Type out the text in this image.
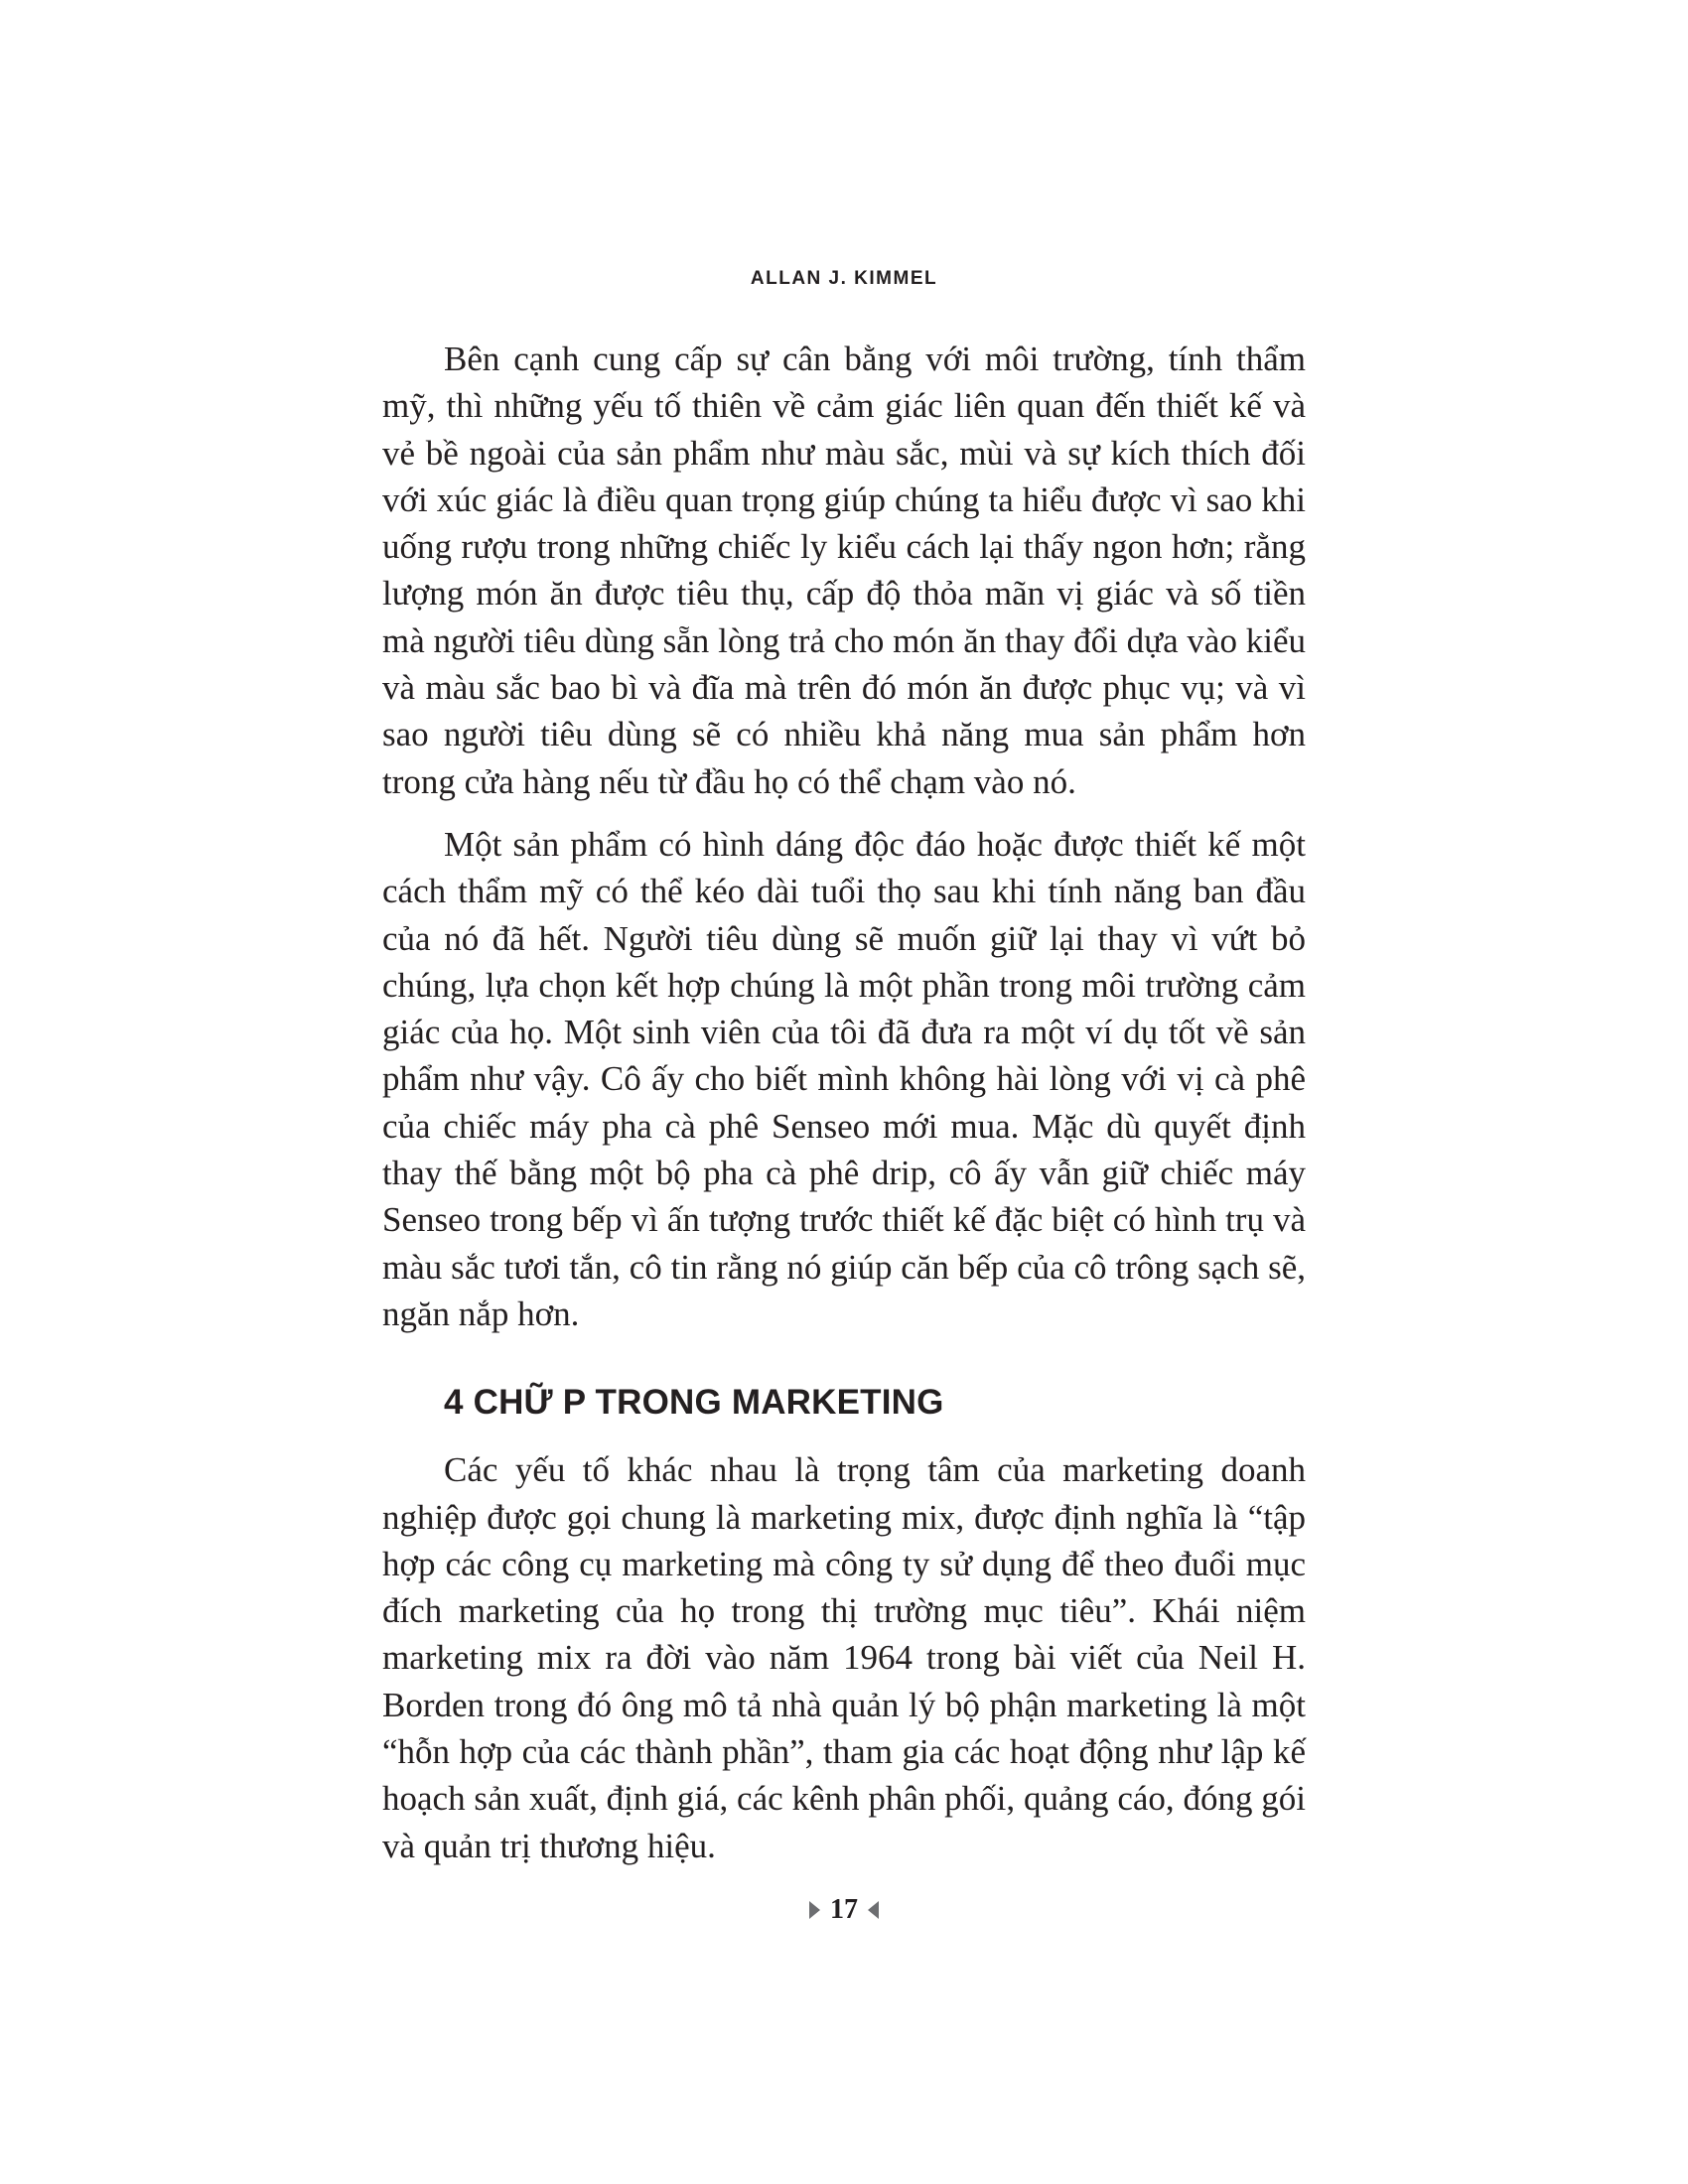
ALLAN J. KIMMEL

Bên cạnh cung cấp sự cân bằng với môi trường, tính thẩm mỹ, thì những yếu tố thiên về cảm giác liên quan đến thiết kế và vẻ bề ngoài của sản phẩm như màu sắc, mùi và sự kích thích đối với xúc giác là điều quan trọng giúp chúng ta hiểu được vì sao khi uống rượu trong những chiếc ly kiểu cách lại thấy ngon hơn; rằng lượng món ăn được tiêu thụ, cấp độ thỏa mãn vị giác và số tiền mà người tiêu dùng sẵn lòng trả cho món ăn thay đổi dựa vào kiểu và màu sắc bao bì và đĩa mà trên đó món ăn được phục vụ; và vì sao người tiêu dùng sẽ có nhiều khả năng mua sản phẩm hơn trong cửa hàng nếu từ đầu họ có thể chạm vào nó.

Một sản phẩm có hình dáng độc đáo hoặc được thiết kế một cách thẩm mỹ có thể kéo dài tuổi thọ sau khi tính năng ban đầu của nó đã hết. Người tiêu dùng sẽ muốn giữ lại thay vì vứt bỏ chúng, lựa chọn kết hợp chúng là một phần trong môi trường cảm giác của họ. Một sinh viên của tôi đã đưa ra một ví dụ tốt về sản phẩm như vậy. Cô ấy cho biết mình không hài lòng với vị cà phê của chiếc máy pha cà phê Senseo mới mua. Mặc dù quyết định thay thế bằng một bộ pha cà phê drip, cô ấy vẫn giữ chiếc máy Senseo trong bếp vì ấn tượng trước thiết kế đặc biệt có hình trụ và màu sắc tươi tắn, cô tin rằng nó giúp căn bếp của cô trông sạch sẽ, ngăn nắp hơn.

4 CHỮ P TRONG MARKETING

Các yếu tố khác nhau là trọng tâm của marketing doanh nghiệp được gọi chung là marketing mix, được định nghĩa là “tập hợp các công cụ marketing mà công ty sử dụng để theo đuổi mục đích marketing của họ trong thị trường mục tiêu”. Khái niệm marketing mix ra đời vào năm 1964 trong bài viết của Neil H. Borden trong đó ông mô tả nhà quản lý bộ phận marketing là một “hỗn hợp của các thành phần”, tham gia các hoạt động như lập kế hoạch sản xuất, định giá, các kênh phân phối, quảng cáo, đóng gói và quản trị thương hiệu.

17
